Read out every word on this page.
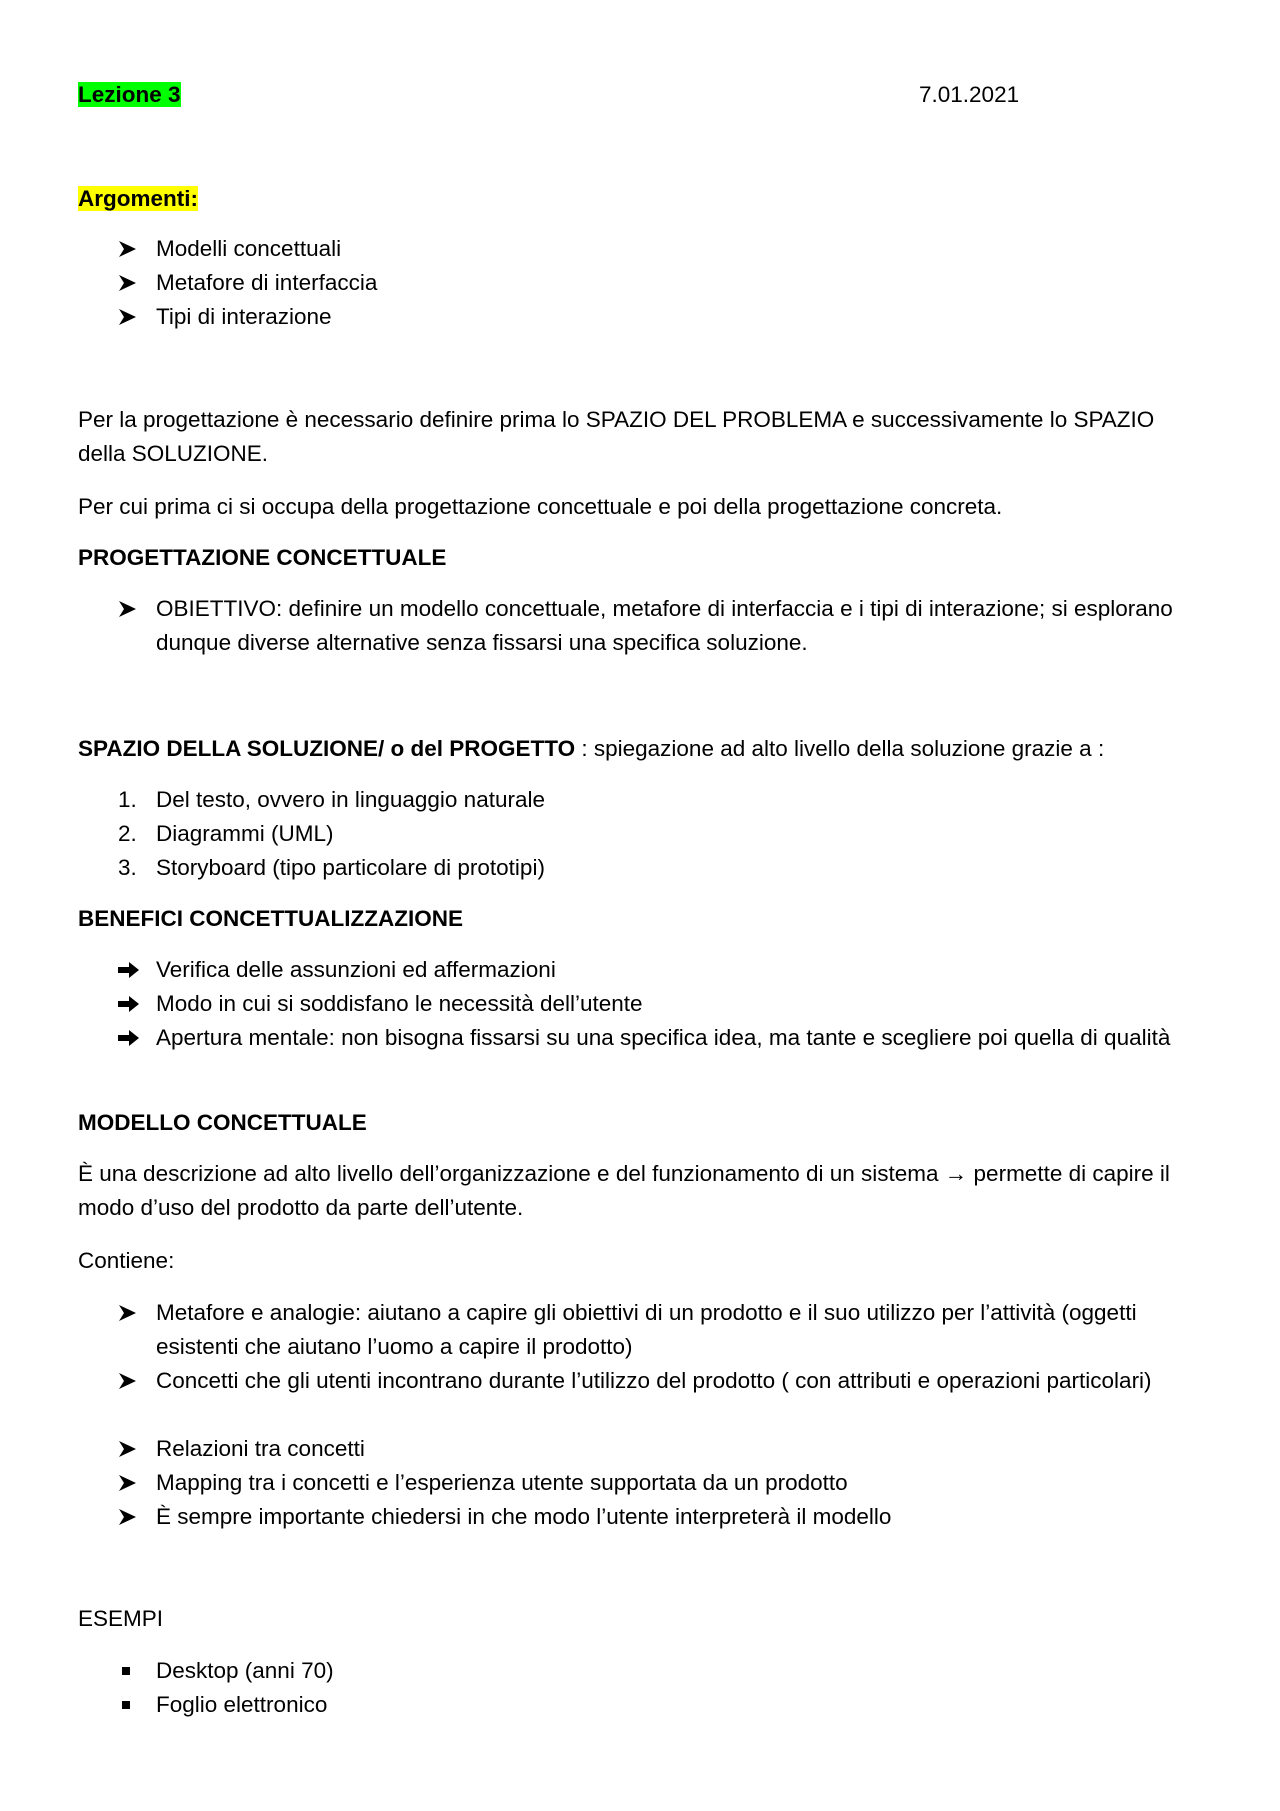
Lezione 3	7.01.2021
Argomenti:
Modelli concettuali
Metafore di interfaccia
Tipi di interazione

Per la progettazione è necessario definire prima lo SPAZIO DEL PROBLEMA e successivamente lo SPAZIO della SOLUZIONE.

Per cui prima ci si occupa della progettazione concettuale e poi della progettazione concreta.

PROGETTAZIONE CONCETTUALE
OBIETTIVO: definire un modello concettuale, metafore di interfaccia e i tipi di interazione; si esplorano dunque diverse alternative senza fissarsi una specifica soluzione.
SPAZIO DELLA SOLUZIONE/ o del PROGETTO : spiegazione ad alto livello della soluzione grazie a :
1. Del testo, ovvero in linguaggio naturale
2. Diagrammi (UML)
3. Storyboard (tipo particolare di prototipi)
BENEFICI CONCETTUALIZZAZIONE
Verifica delle assunzioni ed affermazioni
Modo in cui si soddisfano le necessità dell’utente
Apertura mentale: non bisogna fissarsi su una specifica idea, ma tante e scegliere poi quella di qualità
MODELLO CONCETTUALE

È una descrizione ad alto livello dell’organizzazione e del funzionamento di un sistema → permette di capire il modo d’uso del prodotto da parte dell’utente.

Contiene:
Metafore e analogie: aiutano a capire gli obiettivi di un prodotto e il suo utilizzo per l’attività (oggetti esistenti che aiutano l’uomo a capire il prodotto)
Concetti che gli utenti incontrano durante l’utilizzo del prodotto ( con attributi e operazioni particolari)
Relazioni tra concetti
Mapping tra i concetti e l’esperienza utente supportata da un prodotto
È sempre importante chiedersi in che modo l’utente interpreterà il modello
ESEMPI
Desktop (anni 70)
Foglio elettronico
